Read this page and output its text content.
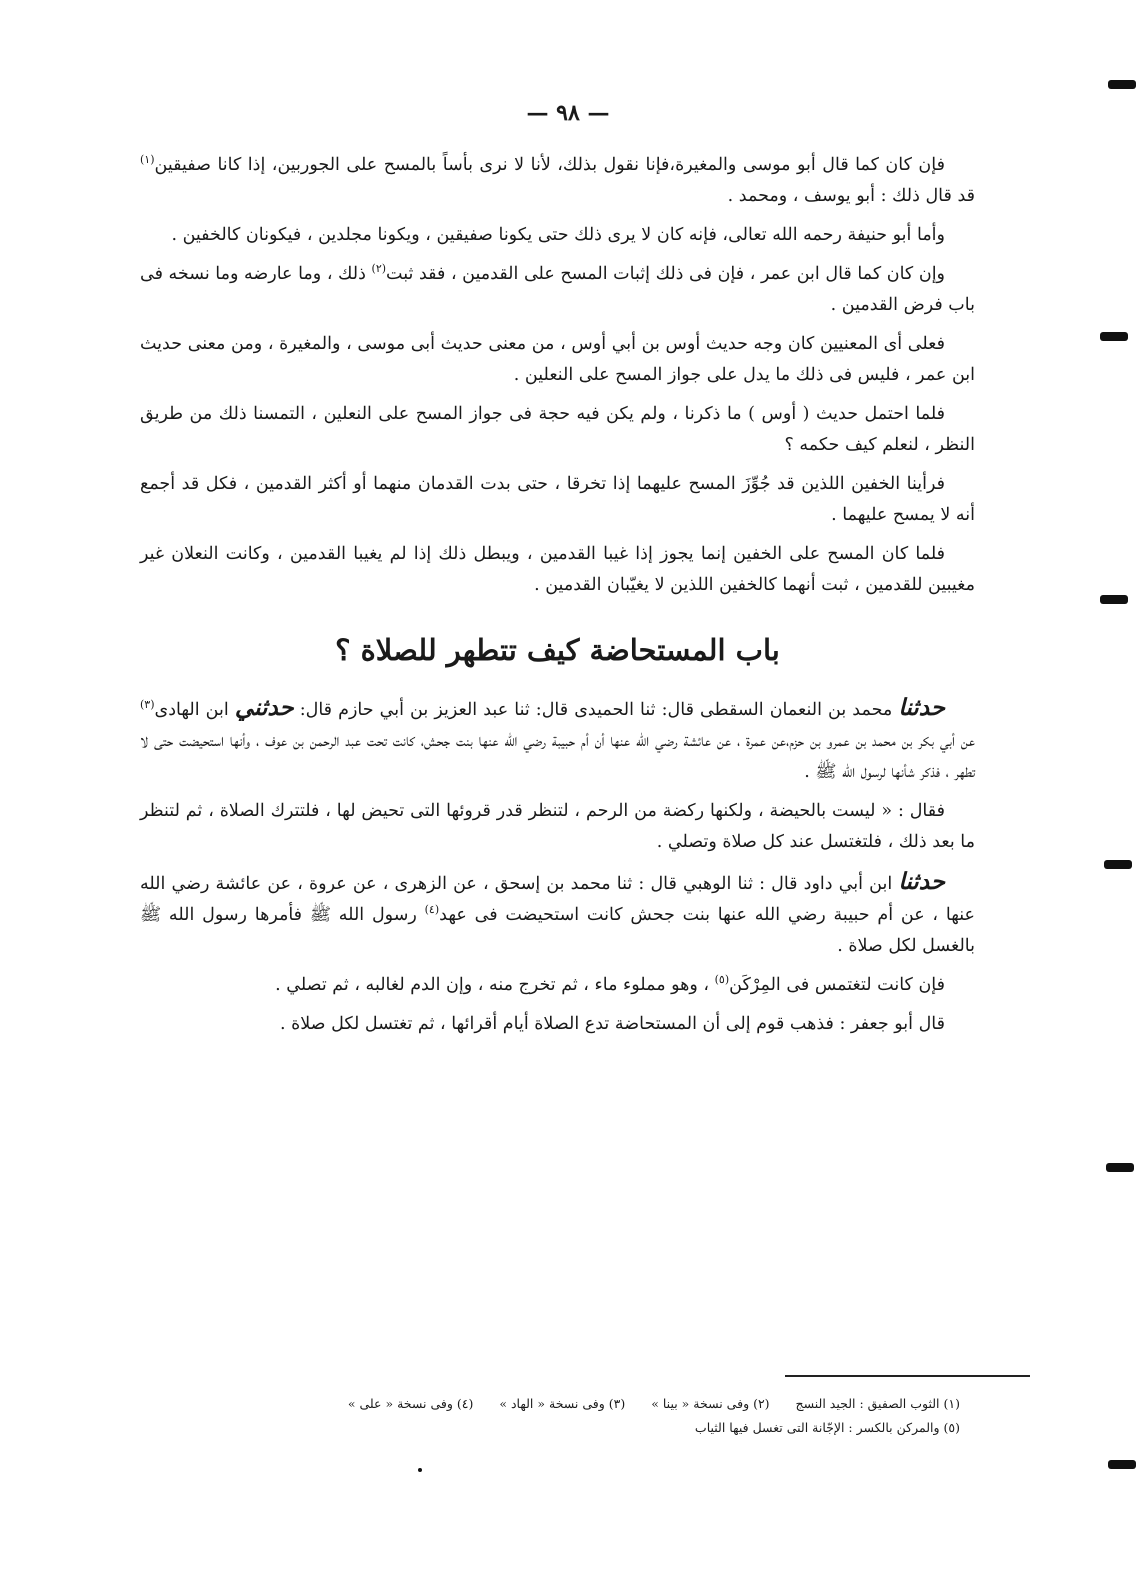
— ٩٨ —

فإن كان كما قال أبو موسى والمغيرة،فإنا نقول بذلك، لأنا لا نرى بأساً بالمسح على الجوربين، إذا كانا صفيقين$^{(١)}$ قد قال ذلك : أبو يوسف ، ومحمد .

وأما أبو حنيفة رحمه الله تعالى، فإنه كان لا يرى ذلك حتى يكونا صفيقين ، ويكونا مجلدين ، فيكونان كالخفين .

وإن كان كما قال ابن عمر ، فإن فى ذلك إثبات المسح على القدمين ، فقد ثبت$^{(٢)}$ ذلك ، وما عارضه وما نسخه فى باب فرض القدمين .

فعلى أى المعنيين كان وجه حديث أوس بن أبي أوس ، من معنى حديث أبى موسى ، والمغيرة ، ومن معنى حديث ابن عمر ، فليس فى ذلك ما يدل على جواز المسح على النعلين .

فلما احتمل حديث ( أوس ) ما ذكرنا ، ولم يكن فيه حجة فى جواز المسح على النعلين ، التمسنا ذلك من طريق النظر ، لنعلم كيف حكمه ؟

فرأينا الخفين اللذين قد جُوِّزَ المسح عليهما إذا تخرقا ، حتى بدت القدمان منهما أو أكثر القدمين ، فكل قد أجمع أنه لا يمسح عليهما .

فلما كان المسح على الخفين إنما يجوز إذا غيبا القدمين ، ويبطل ذلك إذا لم يغيبا القدمين ، وكانت النعلان غير مغيبين للقدمين ، ثبت أنهما كالخفين اللذين لا يغيّبان القدمين .

باب المستحاضة كيف تتطهر للصلاة ؟

حدثنا محمد بن النعمان السقطى قال: ثنا الحميدى قال: ثنا عبد العزيز بن أبي حازم قال: حدثني ابن الهادى$^{(٣)}$ عن أبي بكر بن محمد بن عمرو بن حزم،عن عمرة ، عن عائشة رضي الله عنها أن أم حبيبة رضي الله عنها بنت جحش، كانت تحت عبد الرحمن بن عوف ، وأنها استحيضت حتى لا تطهر ، فذكر شأنها لرسول الله ﷺ .

فقال : « ليست بالحيضة ، ولكنها ركضة من الرحم ، لتنظر قدر قروئها التى تحيض لها ، فلتترك الصلاة ، ثم لتنظر ما بعد ذلك ، فلتغتسل عند كل صلاة وتصلي .

حدثنا ابن أبي داود قال : ثنا الوهبي قال : ثنا محمد بن إسحق ، عن الزهرى ، عن عروة ، عن عائشة رضي الله عنها ، عن أم حبيبة رضي الله عنها بنت جحش كانت استحيضت فى عهد$^{(٤)}$ رسول الله ﷺ فأمرها رسول الله ﷺ بالغسل لكل صلاة .

فإن كانت لتغتمس فى المِرْكَن$^{(٥)}$ ، وهو مملوء ماء ، ثم تخرج منه ، وإن الدم لغالبه ، ثم تصلي .

قال أبو جعفر : فذهب قوم إلى أن المستحاضة تدع الصلاة أيام أقرائها ، ثم تغتسل لكل صلاة .

(١) الثوب الصفيق : الجيد النسج (٢) وفى نسخة « بينا » (٣) وفى نسخة « الهاد » (٤) وفى نسخة « على »
(٥) والمركن بالكسر : الإجّانة التى تغسل فيها الثياب
